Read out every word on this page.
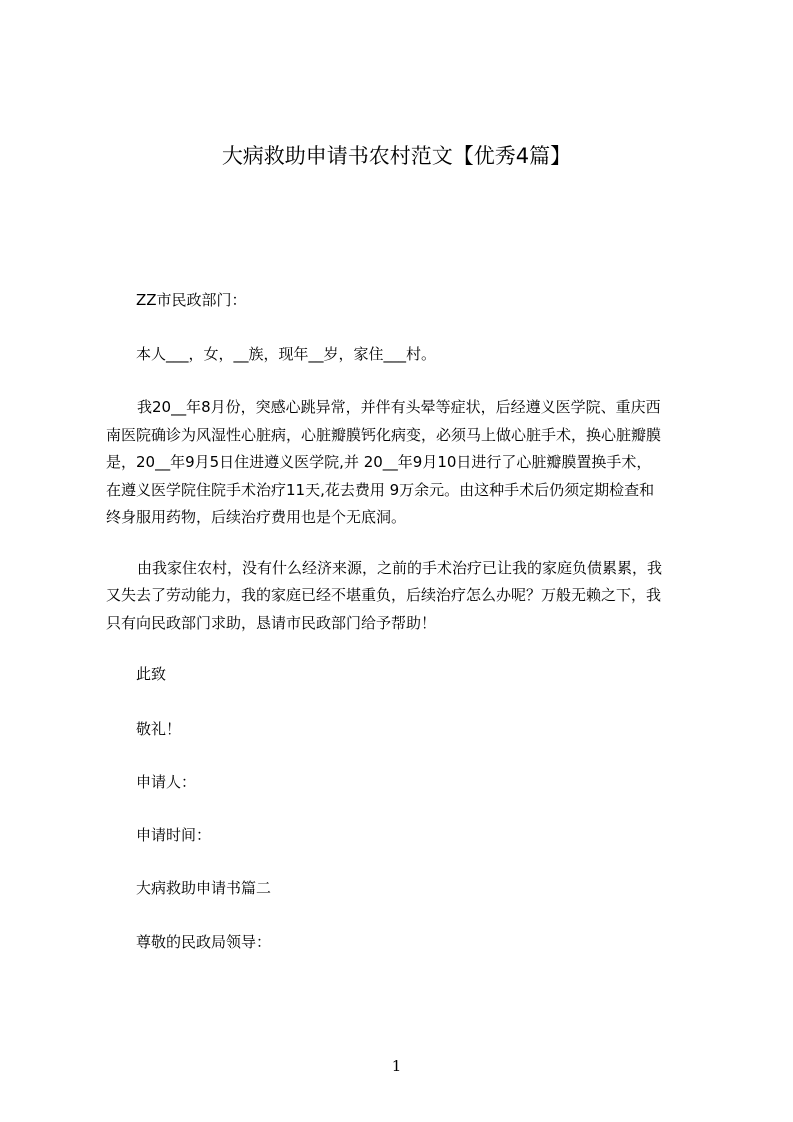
大病救助申请书农村范文【优秀4篇】
ZZ市民政部门：
本人___，女，__族，现年__岁，家住___村。
我20__年8月份，突感心跳异常，并伴有头晕等症状，后经遵义医学院、重庆西
南医院确诊为风湿性心脏病，心脏瓣膜钙化病变，必须马上做心脏手术，换心脏瓣膜
是，20__年9月5日住进遵义医学院,并 20__年9月10日进行了心脏瓣膜置换手术，
在遵义医学院住院手术治疗11天,花去费用 9万余元。由这种手术后仍须定期检查和
终身服用药物，后续治疗费用也是个无底洞。
由我家住农村，没有什么经济来源，之前的手术治疗已让我的家庭负债累累，我
又失去了劳动能力，我的家庭已经不堪重负，后续治疗怎么办呢？万般无赖之下，我
只有向民政部门求助，恳请市民政部门给予帮助！
此致
敬礼！
申请人：
申请时间：
大病救助申请书篇二
尊敬的民政局领导：
1
